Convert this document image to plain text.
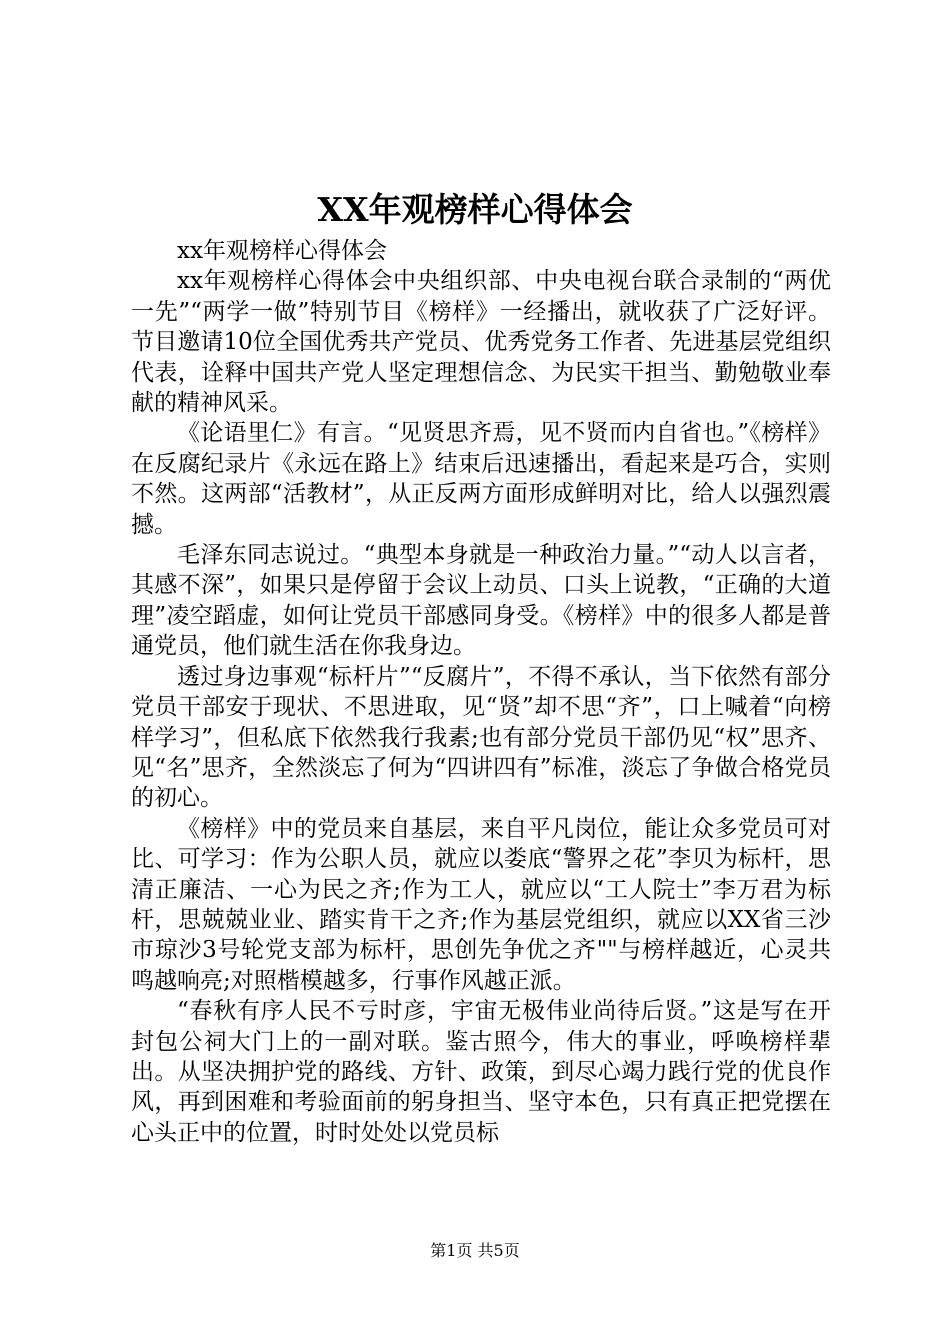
XX年观榜样心得体会

xx年观榜样心得体会

xx年观榜样心得体会中央组织部、中央电视台联合录制的“两优一先”“两学一做”特别节目《榜样》一经播出，就收获了广泛好评。节目邀请10位全国优秀共产党员、优秀党务工作者、先进基层党组织代表，诠释中国共产党人坚定理想信念、为民实干担当、勤勉敬业奉献的精神风采。

《论语里仁》有言。“见贤思齐焉，见不贤而内自省也。”《榜样》在反腐纪录片《永远在路上》结束后迅速播出，看起来是巧合，实则不然。这两部“活教材”，从正反两方面形成鲜明对比，给人以强烈震撼。

毛泽东同志说过。“典型本身就是一种政治力量。”“动人以言者，其感不深”，如果只是停留于会议上动员、口头上说教，“正确的大道理”凌空蹈虚，如何让党员干部感同身受。《榜样》中的很多人都是普通党员，他们就生活在你我身边。

透过身边事观“标杆片”“反腐片”，不得不承认，当下依然有部分党员干部安于现状、不思进取，见“贤”却不思“齐”，口上喊着“向榜样学习”，但私底下依然我行我素;也有部分党员干部仍见“权”思齐、见“名”思齐，全然淡忘了何为“四讲四有”标准，淡忘了争做合格党员的初心。

《榜样》中的党员来自基层，来自平凡岗位，能让众多党员可对比、可学习：作为公职人员，就应以娄底“警界之花”李贝为标杆，思清正廉洁、一心为民之齐;作为工人，就应以“工人院士”李万君为标杆，思兢兢业业、踏实肯干之齐;作为基层党组织，就应以XX省三沙市琼沙3号轮党支部为标杆，思创先争优之齐""与榜样越近，心灵共鸣越响亮;对照楷模越多，行事作风越正派。

“春秋有序人民不亏时彦，宇宙无极伟业尚待后贤。”这是写在开封包公祠大门上的一副对联。鉴古照今，伟大的事业，呼唤榜样辈出。从坚决拥护党的路线、方针、政策，到尽心竭力践行党的优良作风，再到困难和考验面前的躬身担当、坚守本色，只有真正把党摆在心头正中的位置，时时处处以党员标

第1页 共5页
